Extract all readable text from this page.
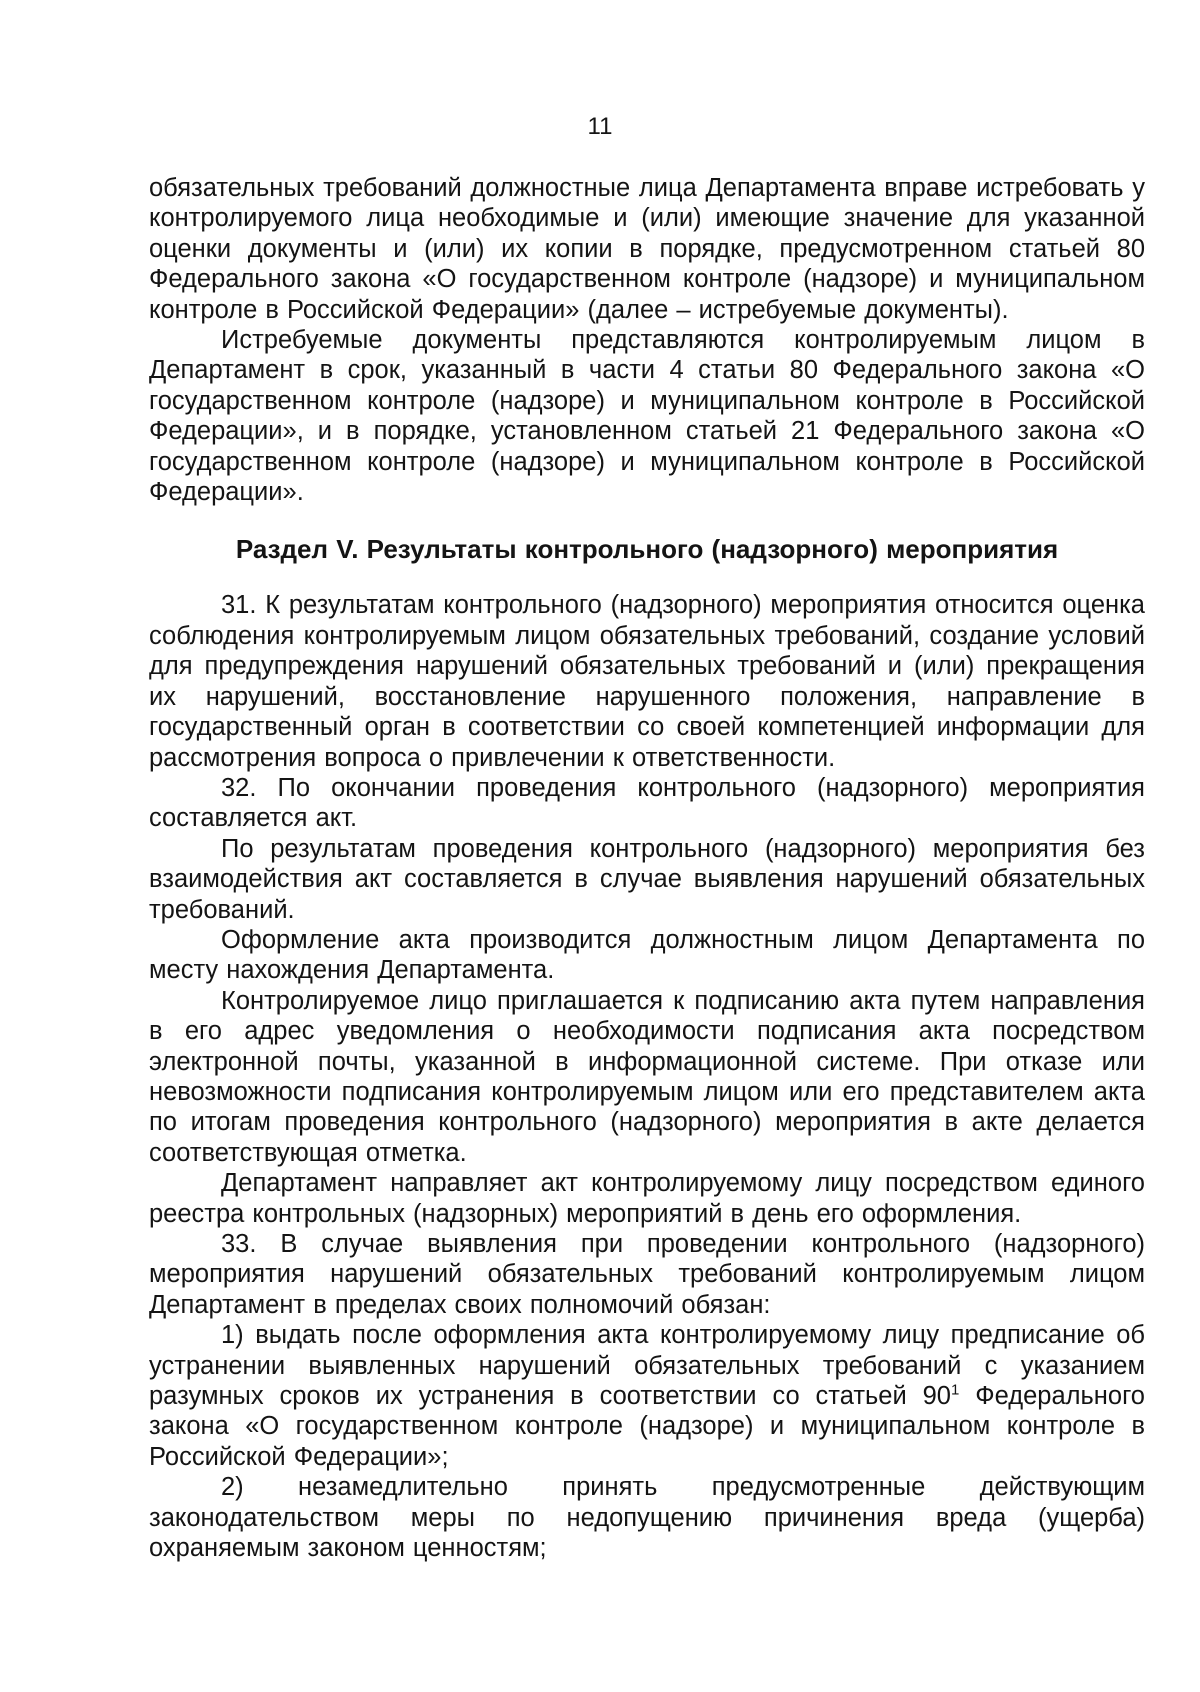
11

обязательных требований должностные лица Департамента вправе истребовать у контролируемого лица необходимые и (или) имеющие значение для указанной оценки документы и (или) их копии в порядке, предусмотренном статьей 80 Федерального закона «О государственном контроле (надзоре) и муниципальном контроле в Российской Федерации» (далее – истребуемые документы).

Истребуемые документы представляются контролируемым лицом в Департамент в срок, указанный в части 4 статьи 80 Федерального закона «О государственном контроле (надзоре) и муниципальном контроле в Российской Федерации», и в порядке, установленном статьей 21 Федерального закона «О государственном контроле (надзоре) и муниципальном контроле в Российской Федерации».

Раздел V. Результаты контрольного (надзорного) мероприятия

31. К результатам контрольного (надзорного) мероприятия относится оценка соблюдения контролируемым лицом обязательных требований, создание условий для предупреждения нарушений обязательных требований и (или) прекращения их нарушений, восстановление нарушенного положения, направление в государственный орган в соответствии со своей компетенцией информации для рассмотрения вопроса о привлечении к ответственности.

32. По окончании проведения контрольного (надзорного) мероприятия составляется акт.

По результатам проведения контрольного (надзорного) мероприятия без взаимодействия акт составляется в случае выявления нарушений обязательных требований.

Оформление акта производится должностным лицом Департамента по месту нахождения Департамента.

Контролируемое лицо приглашается к подписанию акта путем направления в его адрес уведомления о необходимости подписания акта посредством электронной почты, указанной в информационной системе. При отказе или невозможности подписания контролируемым лицом или его представителем акта по итогам проведения контрольного (надзорного) мероприятия в акте делается соответствующая отметка.

Департамент направляет акт контролируемому лицу посредством единого реестра контрольных (надзорных) мероприятий в день его оформления.

33. В случае выявления при проведении контрольного (надзорного) мероприятия нарушений обязательных требований контролируемым лицом Департамент в пределах своих полномочий обязан:

1) выдать после оформления акта контролируемому лицу предписание об устранении выявленных нарушений обязательных требований с указанием разумных сроков их устранения в соответствии со статьей 90$^1$ Федерального закона «О государственном контроле (надзоре) и муниципальном контроле в Российской Федерации»;

2) незамедлительно принять предусмотренные действующим законодательством меры по недопущению причинения вреда (ущерба) охраняемым законом ценностям;
